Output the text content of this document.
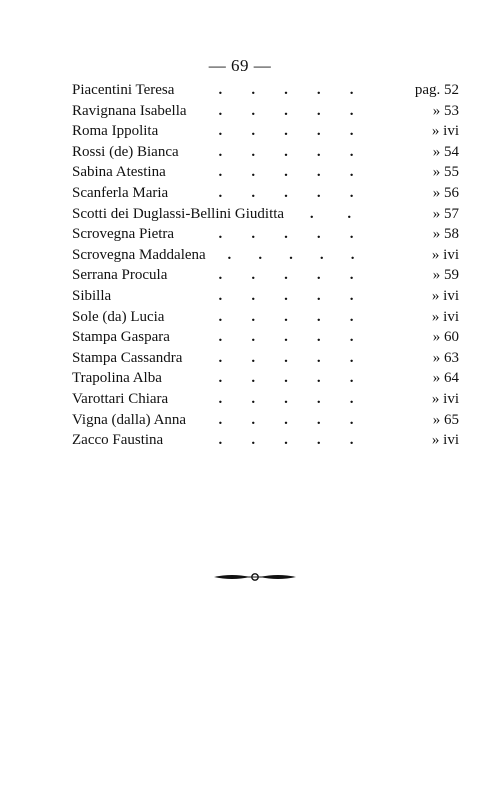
— 69 —
Piacentini Teresa	. . . . .	pag. 52
Ravignana Isabella	. . . . .	» 53
Roma Ippolita	. . . . .	» ivi
Rossi (de) Bianca	. . . . .	» 54
Sabina Atestina	. . . . .	» 55
Scanferla Maria	. . . . .	» 56
Scotti dei Duglassi-Bellini Giuditta	. .	» 57
Scrovegna Pietra	. . . . .	» 58
Scrovegna Maddalena	. . . . .	» ivi
Serrana Procula	. . . . .	» 59
Sibilla	. . . . .	» ivi
Sole (da) Lucia	. . . . .	» ivi
Stampa Gaspara	. . . . .	» 60
Stampa Cassandra	. . . . .	» 63
Trapolina Alba	. . . . .	» 64
Varottari Chiara	. . . . .	» ivi
Vigna (dalla) Anna	. . . . .	» 65
Zacco Faustina	. . . . .	» ivi
